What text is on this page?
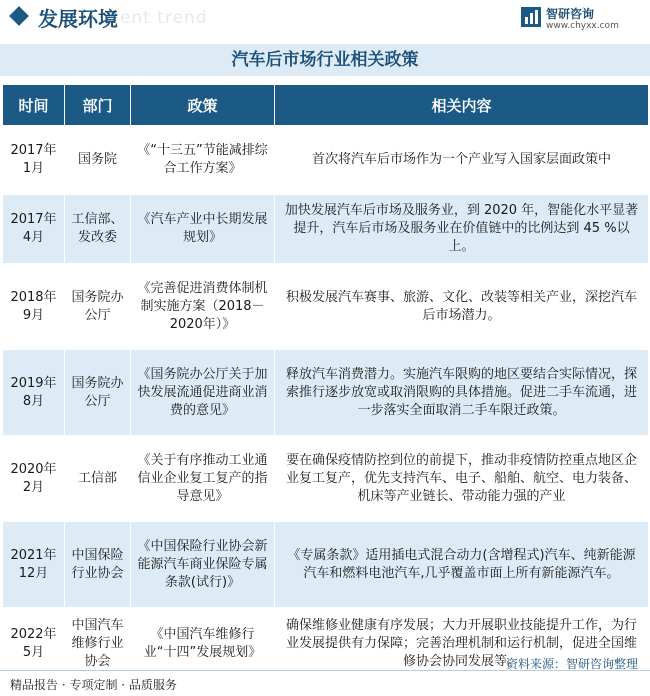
发展环境 ent trend	智研咨询
www.chyxx.com
汽车后市场行业相关政策
时间	部门	政策	相关内容
2017年1月	国务院	《“十三五”节能减排综合工作方案》	首次将汽车后市场作为一个产业写入国家层面政策中
2017年4月	工信部、发改委	《汽车产业中长期发展规划》	加快发展汽车后市场及服务业，到 2020 年，智能化水平显著提升，汽车后市场及服务业在价值链中的比例达到 45 %以上。
2018年9月	国务院办公厅	《完善促进消费体制机制实施方案（2018－2020年）》	积极发展汽车赛事、旅游、文化、改装等相关产业，深挖汽车后市场潜力。
2019年8月	国务院办公厅	《国务院办公厅关于加快发展流通促进商业消费的意见》	释放汽车消费潜力。实施汽车限购的地区要结合实际情况，探索推行逐步放宽或取消限购的具体措施。促进二手车流通，进一步落实全面取消二手车限迁政策。
2020年2月	工信部	《关于有序推动工业通信业企业复工复产的指导意见》	要在确保疫情防控到位的前提下，推动非疫情防控重点地区企业复工复产，优先支持汽车、电子、船舶、航空、电力装备、机床等产业链长、带动能力强的产业
2021年12月	中国保险行业协会	《中国保险行业协会新能源汽车商业保险专属条款(试行)》	《专属条款》适用插电式混合动力(含增程式)汽车、纯新能源汽车和燃料电池汽车,几乎覆盖市面上所有新能源汽车。
2022年5月	中国汽车维修行业协会	《中国汽车维修行业“十四”发展规划》	确保维修业健康有序发展；大力开展职业技能提升工作，为行业发展提供有力保障；完善治理机制和运行机制，促进全国维修协会协同发展等。
资料来源：智研咨询整理
精品报告 · 专项定制 · 品质服务
